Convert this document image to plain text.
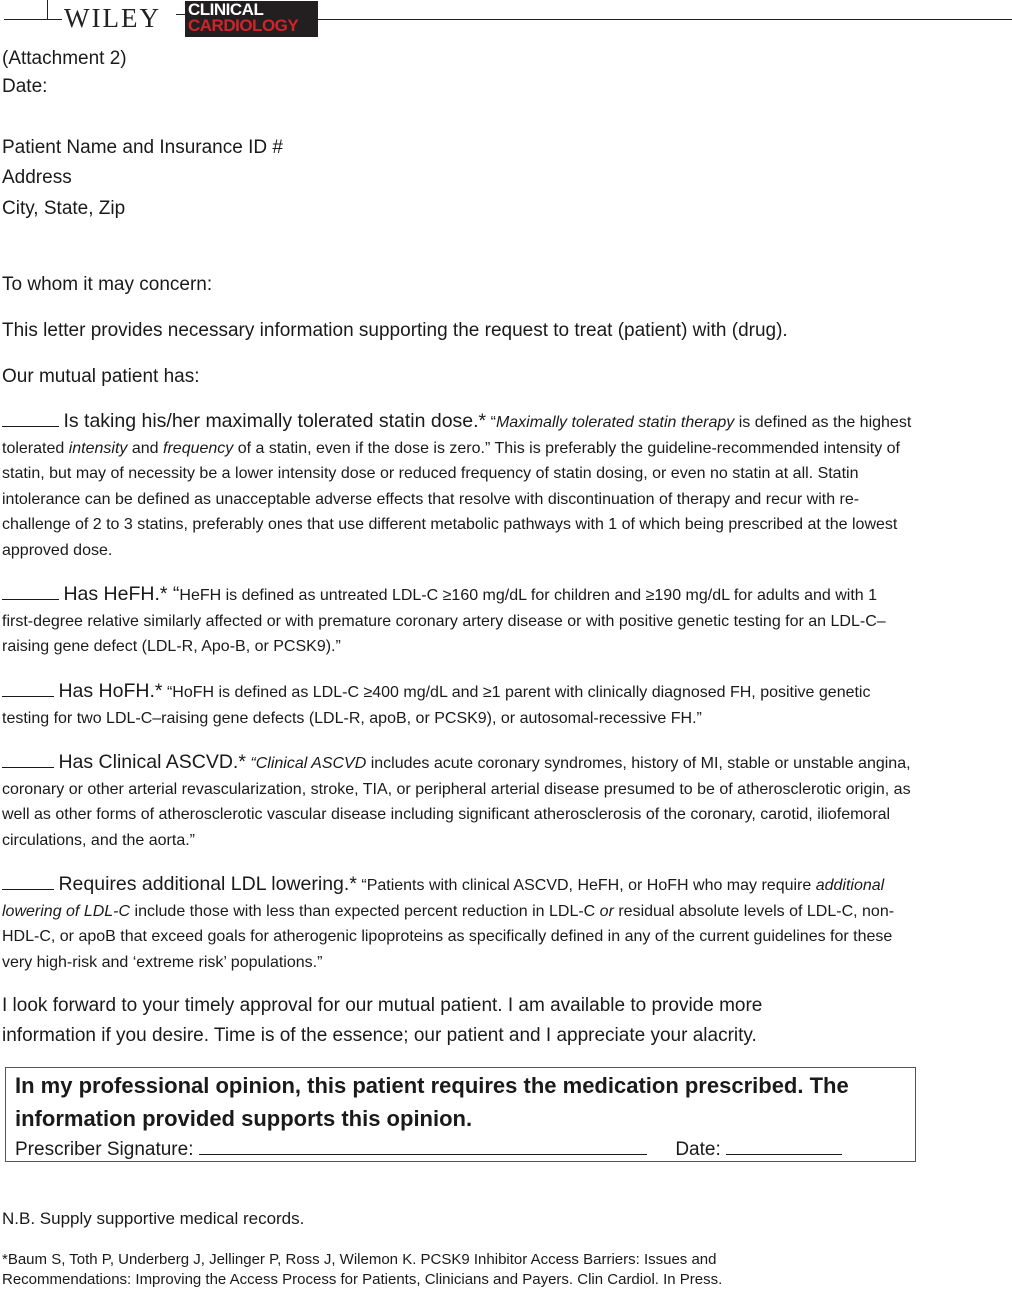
WILEY CLINICAL
CARDIOLOGY
(Attachment 2)
Date:
Patient Name and Insurance ID #
Address
City, State, Zip
To whom it may concern:
This letter provides necessary information supporting the request to treat (patient) with (drug).
Our mutual patient has:
Is taking his/her maximally tolerated statin dose.* “Maximally tolerated statin therapy is defined as the highest tolerated intensity and frequency of a statin, even if the dose is zero.” This is preferably the guideline-recommended intensity of statin, but may of necessity be a lower intensity dose or reduced frequency of statin dosing, or even no statin at all. Statin intolerance can be defined as unacceptable adverse effects that resolve with discontinuation of therapy and recur with re-challenge of 2 to 3 statins, preferably ones that use different metabolic pathways with 1 of which being prescribed at the lowest approved dose.
Has HeFH.* “HeFH is defined as untreated LDL-C ≥160 mg/dL for children and ≥190 mg/dL for adults and with 1 first-degree relative similarly affected or with premature coronary artery disease or with positive genetic testing for an LDL-C–raising gene defect (LDL-R, Apo-B, or PCSK9).”
Has HoFH.* “HoFH is defined as LDL-C ≥400 mg/dL and ≥1 parent with clinically diagnosed FH, positive genetic testing for two LDL-C–raising gene defects (LDL-R, apoB, or PCSK9), or autosomal-recessive FH.”
Has Clinical ASCVD.* “Clinical ASCVD includes acute coronary syndromes, history of MI, stable or unstable angina, coronary or other arterial revascularization, stroke, TIA, or peripheral arterial disease presumed to be of atherosclerotic origin, as well as other forms of atherosclerotic vascular disease including significant atherosclerosis of the coronary, carotid, iliofemoral circulations, and the aorta.”
Requires additional LDL lowering.* “Patients with clinical ASCVD, HeFH, or HoFH who may require additional lowering of LDL-C include those with less than expected percent reduction in LDL-C or residual absolute levels of LDL-C, non-HDL-C, or apoB that exceed goals for atherogenic lipoproteins as specifically defined in any of the current guidelines for these very high-risk and ‘extreme risk’ populations.”
I look forward to your timely approval for our mutual patient. I am available to provide more
information if you desire. Time is of the essence; our patient and I appreciate your alacrity.
In my professional opinion, this patient requires the medication prescribed. The
information provided supports this opinion.
Prescriber Signature:	Date:
N.B. Supply supportive medical records.
*Baum S, Toth P, Underberg J, Jellinger P, Ross J, Wilemon K. PCSK9 Inhibitor Access Barriers: Issues and
Recommendations: Improving the Access Process for Patients, Clinicians and Payers. Clin Cardiol. In Press.
